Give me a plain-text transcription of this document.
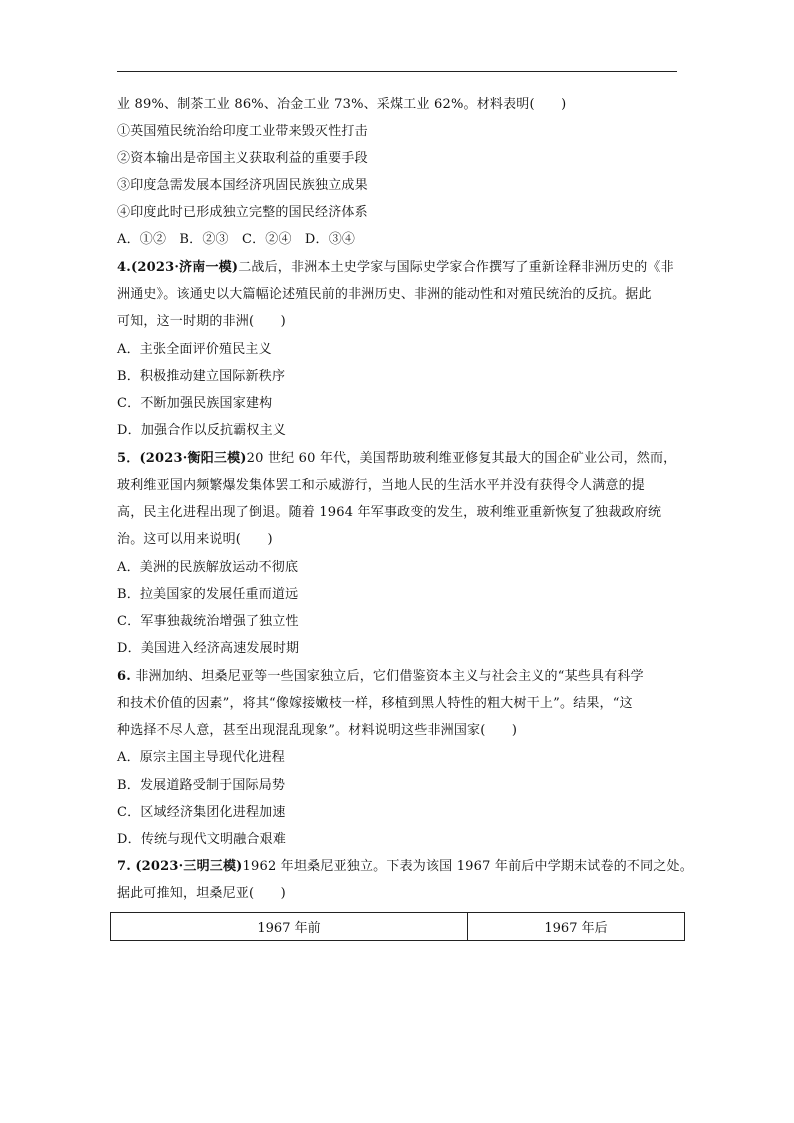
业 89%、制茶工业 86%、冶金工业 73%、采煤工业 62%。材料表明(　　)
①英国殖民统治给印度工业带来毁灭性打击
②资本输出是帝国主义获取利益的重要手段
③印度急需发展本国经济巩固民族独立成果
④印度此时已形成独立完整的国民经济体系
A．①②　B．②③　C．②④　D．③④
4.(2023·济南一模)二战后，非洲本土史学家与国际史学家合作撰写了重新诠释非洲历史的《非
洲通史》。该通史以大篇幅论述殖民前的非洲历史、非洲的能动性和对殖民统治的反抗。据此
可知，这一时期的非洲(　　)
A．主张全面评价殖民主义
B．积极推动建立国际新秩序
C．不断加强民族国家建构
D．加强合作以反抗霸权主义
5．(2023·衡阳三模)20 世纪 60 年代，美国帮助玻利维亚修复其最大的国企矿业公司，然而，
玻利维亚国内频繁爆发集体罢工和示威游行，当地人民的生活水平并没有获得令人满意的提
高，民主化进程出现了倒退。随着 1964 年军事政变的发生，玻利维亚重新恢复了独裁政府统
治。这可以用来说明(　　)
A．美洲的民族解放运动不彻底
B．拉美国家的发展任重而道远
C．军事独裁统治增强了独立性
D．美国进入经济高速发展时期
6. 非洲加纳、坦桑尼亚等一些国家独立后，它们借鉴资本主义与社会主义的“某些具有科学
和技术价值的因素”，将其“像嫁接嫩枝一样，移植到黑人特性的粗大树干上”。结果，“这
种选择不尽人意，甚至出现混乱现象”。材料说明这些非洲国家(　　)
A．原宗主国主导现代化进程
B．发展道路受制于国际局势
C．区域经济集团化进程加速
D．传统与现代文明融合艰难
7. (2023·三明三模)1962 年坦桑尼亚独立。下表为该国 1967 年前后中学期末试卷的不同之处。
据此可推知，坦桑尼亚(　　)
1967 年前	1967 年后
